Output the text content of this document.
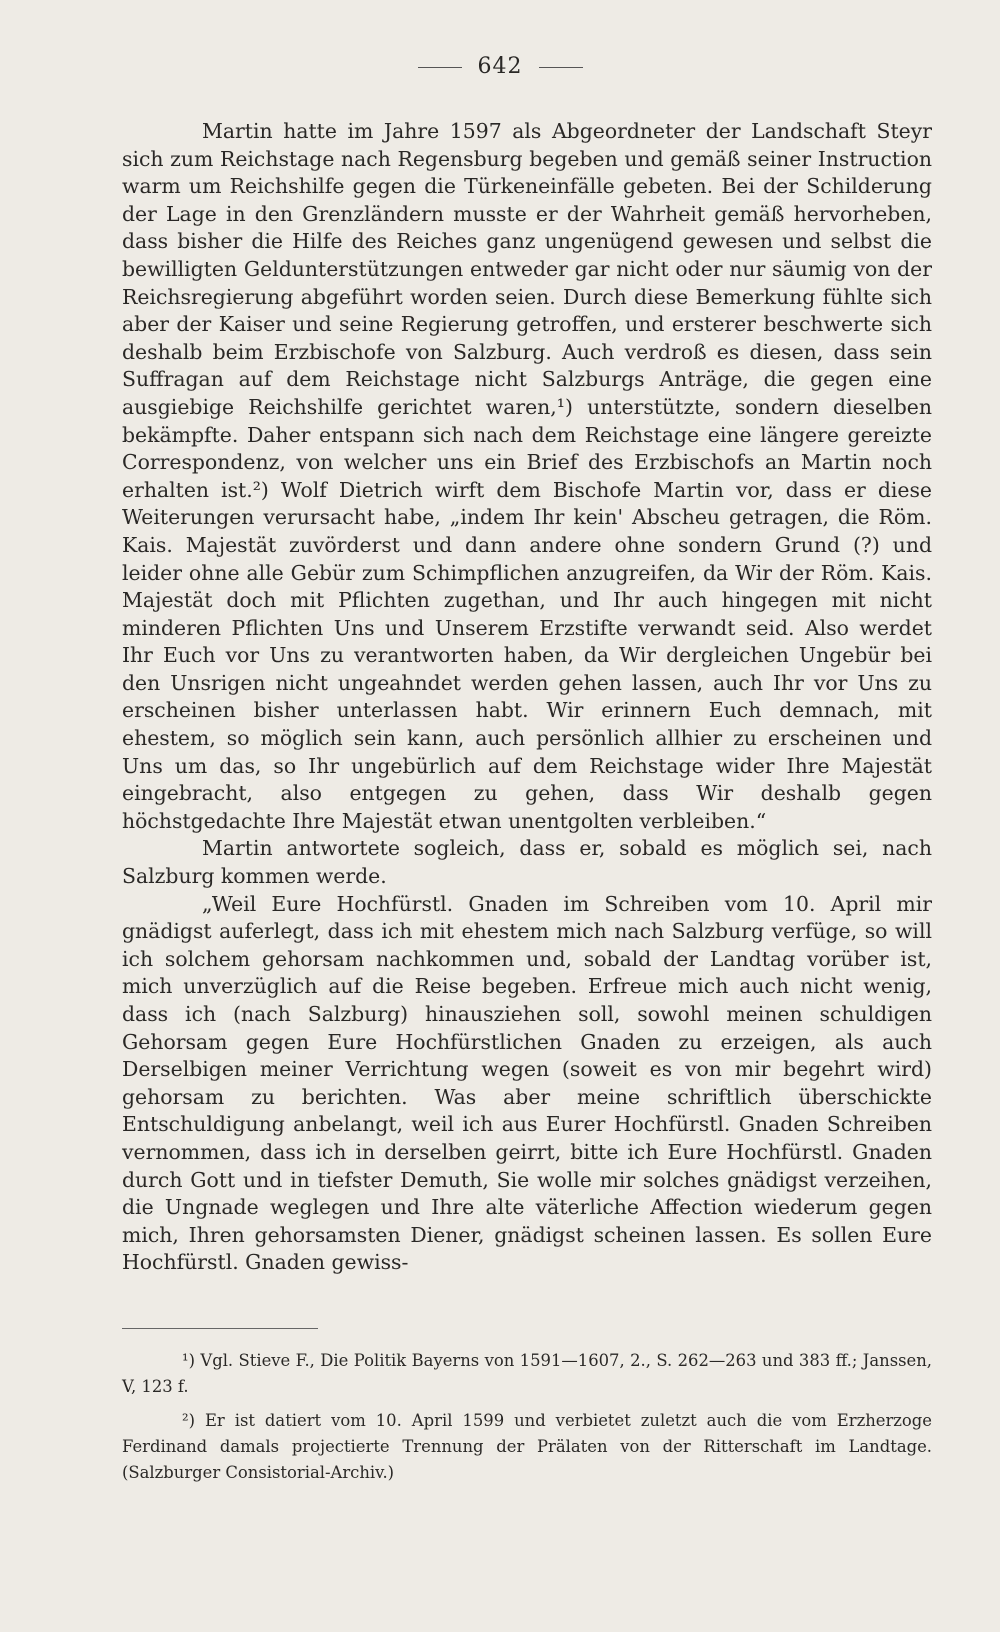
642

Martin hatte im Jahre 1597 als Abgeordneter der Landschaft Steyr sich zum Reichstage nach Regensburg begeben und gemäß seiner Instruction warm um Reichshilfe gegen die Türkeneinfälle gebeten. Bei der Schilderung der Lage in den Grenzländern musste er der Wahrheit gemäß hervorheben, dass bisher die Hilfe des Reiches ganz ungenügend gewesen und selbst die bewilligten Geldunterstützungen entweder gar nicht oder nur säumig von der Reichsregierung abgeführt worden seien. Durch diese Bemerkung fühlte sich aber der Kaiser und seine Regierung getroffen, und ersterer beschwerte sich deshalb beim Erzbischofe von Salzburg. Auch verdroß es diesen, dass sein Suffragan auf dem Reichstage nicht Salzburgs Anträge, die gegen eine ausgiebige Reichshilfe gerichtet waren,¹) unterstützte, sondern dieselben bekämpfte. Daher entspann sich nach dem Reichstage eine längere gereizte Correspondenz, von welcher uns ein Brief des Erzbischofs an Martin noch erhalten ist.²) Wolf Dietrich wirft dem Bischofe Martin vor, dass er diese Weiterungen verursacht habe, „indem Ihr kein' Abscheu getragen, die Röm. Kais. Majestät zuvörderst und dann andere ohne sondern Grund (?) und leider ohne alle Gebür zum Schimpflichen anzugreifen, da Wir der Röm. Kais. Majestät doch mit Pflichten zugethan, und Ihr auch hingegen mit nicht minderen Pflichten Uns und Unserem Erzstifte verwandt seid. Also werdet Ihr Euch vor Uns zu verantworten haben, da Wir dergleichen Ungebür bei den Unsrigen nicht ungeahndet werden gehen lassen, auch Ihr vor Uns zu erscheinen bisher unterlassen habt. Wir erinnern Euch demnach, mit ehestem, so möglich sein kann, auch persönlich allhier zu erscheinen und Uns um das, so Ihr ungebürlich auf dem Reichstage wider Ihre Majestät eingebracht, also entgegen zu gehen, dass Wir deshalb gegen höchstgedachte Ihre Majestät etwan unentgolten verbleiben.“

Martin antwortete sogleich, dass er, sobald es möglich sei, nach Salzburg kommen werde.

„Weil Eure Hochfürstl. Gnaden im Schreiben vom 10. April mir gnädigst auferlegt, dass ich mit ehestem mich nach Salzburg verfüge, so will ich solchem gehorsam nachkommen und, sobald der Landtag vorüber ist, mich unverzüglich auf die Reise begeben. Erfreue mich auch nicht wenig, dass ich (nach Salzburg) hinausziehen soll, sowohl meinen schuldigen Gehorsam gegen Eure Hochfürstlichen Gnaden zu erzeigen, als auch Derselbigen meiner Verrichtung wegen (soweit es von mir begehrt wird) gehorsam zu berichten. Was aber meine schriftlich überschickte Entschuldigung anbelangt, weil ich aus Eurer Hochfürstl. Gnaden Schreiben vernommen, dass ich in derselben geirrt, bitte ich Eure Hochfürstl. Gnaden durch Gott und in tiefster Demuth, Sie wolle mir solches gnädigst verzeihen, die Ungnade weglegen und Ihre alte väterliche Affection wiederum gegen mich, Ihren gehorsamsten Diener, gnädigst scheinen lassen. Es sollen Eure Hochfürstl. Gnaden gewiss-

¹) Vgl. Stieve F., Die Politik Bayerns von 1591—1607, 2., S. 262—263 und 383 ff.; Janssen, V, 123 f.

²) Er ist datiert vom 10. April 1599 und verbietet zuletzt auch die vom Erzherzoge Ferdinand damals projectierte Trennung der Prälaten von der Ritterschaft im Landtage. (Salzburger Consistorial-Archiv.)
